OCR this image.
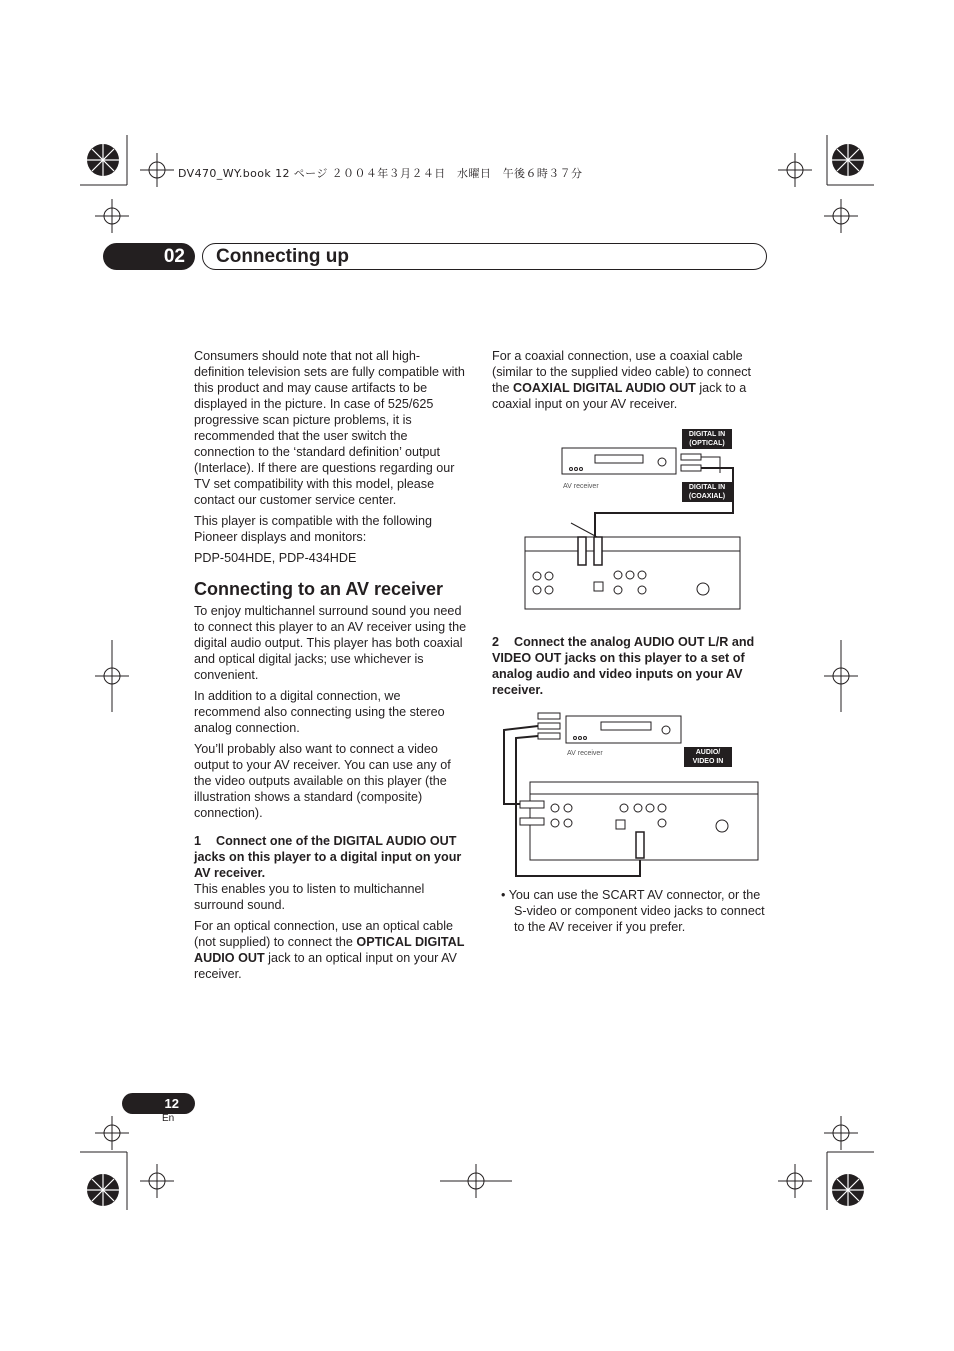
DV470_WY.book 12 ページ ２００４年３月２４日　水曜日　午後６時３７分
02	Connecting up

Consumers should note that not all high-definition television sets are fully compatible with this product and may cause artifacts to be displayed in the picture. In case of 525/625 progressive scan picture problems, it is recommended that the user switch the connection to the ‘standard definition’ output (Interlace). If there are questions regarding our TV set compatibility with this model, please contact our customer service center.

This player is compatible with the following Pioneer displays and monitors:

PDP-504HDE, PDP-434HDE

Connecting to an AV receiver

To enjoy multichannel surround sound you need to connect this player to an AV receiver using the digital audio output. This player has both coaxial and optical digital jacks; use whichever is convenient.

In addition to a digital connection, we recommend also connecting using the stereo analog connection.

You’ll probably also want to connect a video output to your AV receiver. You can use any of the video outputs available on this player (the illustration shows a standard (composite) connection).

1 Connect one of the DIGITAL AUDIO OUT jacks on this player to a digital input on your AV receiver.

This enables you to listen to multichannel surround sound.

For an optical connection, use an optical cable (not supplied) to connect the OPTICAL DIGITAL AUDIO OUT jack to an optical input on your AV receiver.

For a coaxial connection, use a coaxial cable (similar to the supplied video cable) to connect the COAXIAL DIGITAL AUDIO OUT jack to a coaxial input on your AV receiver.

AV receiver
DIGITAL IN
(OPTICAL)
DIGITAL IN
(COAXIAL)
2 Connect the analog AUDIO OUT L/R and VIDEO OUT jacks on this player to a set of analog audio and video inputs on your AV receiver.
AV receiver	AUDIO/
VIDEO IN

• You can use the SCART AV connector, or the S-video or component video jacks to connect to the AV receiver if you prefer.

12
En
